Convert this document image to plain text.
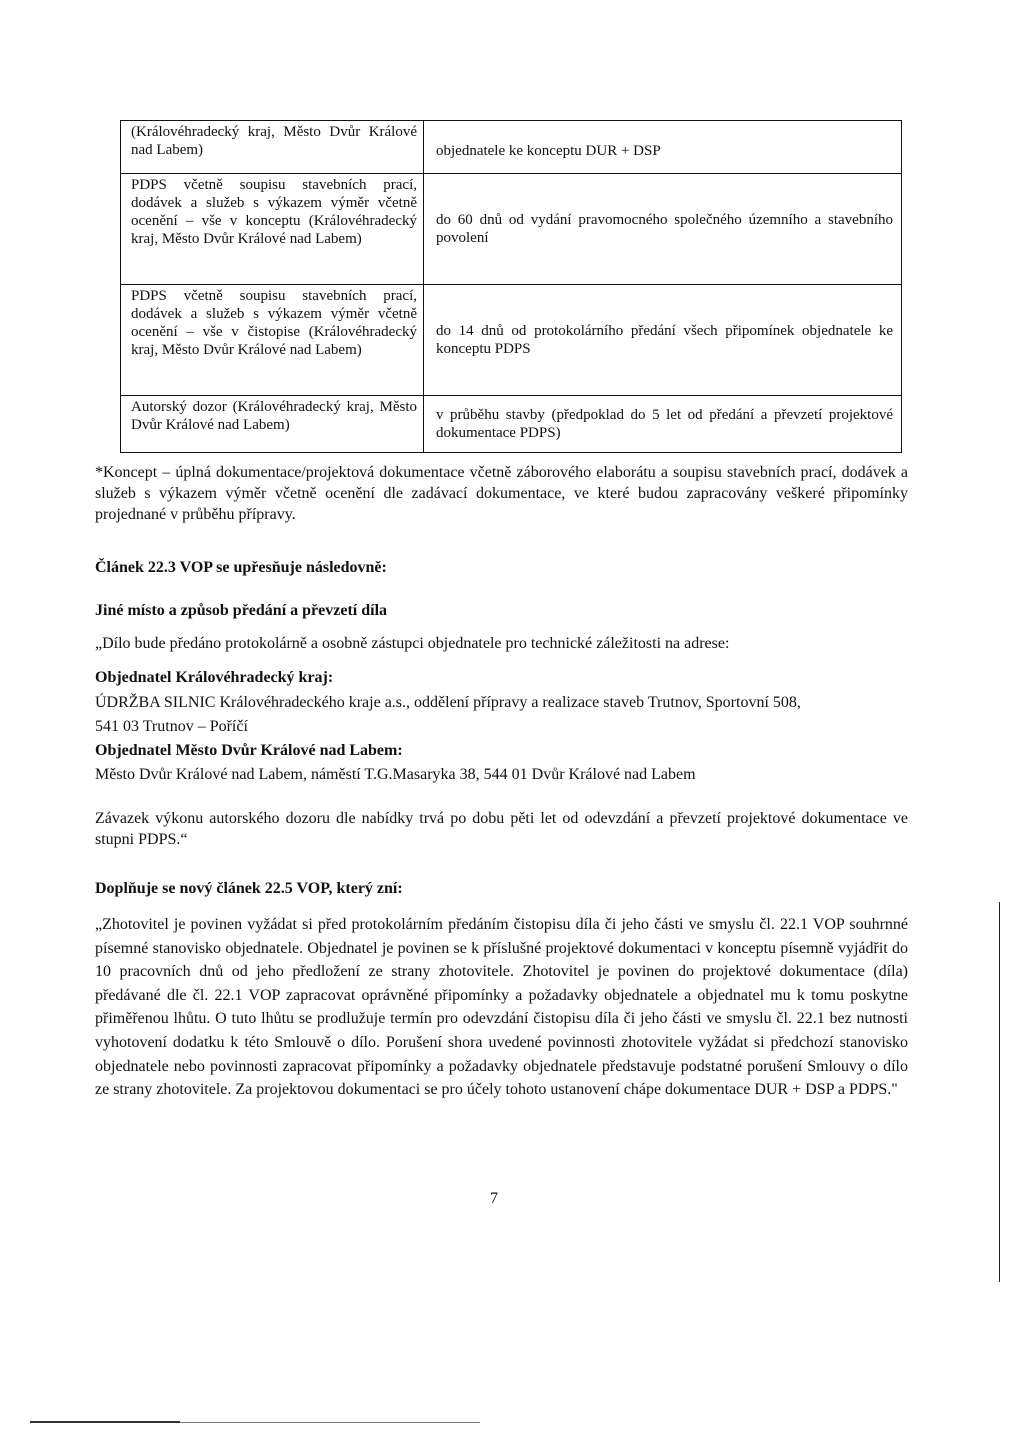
(Královéhradecký kraj, Město Dvůr Králové nad Labem)	objednatele ke konceptu DUR + DSP
PDPS včetně soupisu stavebních prací, dodávek a služeb s výkazem výměr včetně ocenění – vše v konceptu (Královéhradecký kraj, Město Dvůr Králové nad Labem)	do 60 dnů od vydání pravomocného společného územního a stavebního povolení
PDPS včetně soupisu stavebních prací, dodávek a služeb s výkazem výměr včetně ocenění – vše v čistopise (Královéhradecký kraj, Město Dvůr Králové nad Labem)	do 14 dnů od protokolárního předání všech připomínek objednatele ke konceptu PDPS
Autorský dozor (Královéhradecký kraj, Město Dvůr Králové nad Labem)	v průběhu stavby (předpoklad do 5 let od předání a převzetí projektové dokumentace PDPS)
*Koncept – úplná dokumentace/projektová dokumentace včetně záborového elaborátu a soupisu stavebních prací, dodávek a služeb s výkazem výměr včetně ocenění dle zadávací dokumentace, ve které budou zapracovány veškeré připomínky projednané v průběhu přípravy.
Článek 22.3 VOP se upřesňuje následovně:
Jiné místo a způsob předání a převzetí díla
„Dílo bude předáno protokolárně a osobně zástupci objednatele pro technické záležitosti na adrese:
Objednatel Královéhradecký kraj:
ÚDRŽBA SILNIC Královéhradeckého kraje a.s., oddělení přípravy a realizace staveb Trutnov, Sportovní 508,
541 03 Trutnov – Poříčí
Objednatel Město Dvůr Králové nad Labem:
Město Dvůr Králové nad Labem, náměstí T.G.Masaryka 38, 544 01 Dvůr Králové nad Labem
Závazek výkonu autorského dozoru dle nabídky trvá po dobu pěti let od odevzdání a převzetí projektové dokumentace ve stupni PDPS.“
Doplňuje se nový článek 22.5 VOP, který zní:
„Zhotovitel je povinen vyžádat si před protokolárním předáním čistopisu díla či jeho části ve smyslu čl. 22.1 VOP souhrnné písemné stanovisko objednatele. Objednatel je povinen se k příslušné projektové dokumentaci v konceptu písemně vyjádřit do 10 pracovních dnů od jeho předložení ze strany zhotovitele. Zhotovitel je povinen do projektové dokumentace (díla) předávané dle čl. 22.1 VOP zapracovat oprávněné připomínky a požadavky objednatele a objednatel mu k tomu poskytne přiměřenou lhůtu. O tuto lhůtu se prodlužuje termín pro odevzdání čistopisu díla či jeho části ve smyslu čl. 22.1 bez nutnosti vyhotovení dodatku k této Smlouvě o dílo. Porušení shora uvedené povinnosti zhotovitele vyžádat si předchozí stanovisko objednatele nebo povinnosti zapracovat připomínky a požadavky objednatele představuje podstatné porušení Smlouvy o dílo ze strany zhotovitele. Za projektovou dokumentaci se pro účely tohoto ustanovení chápe dokumentace DUR + DSP a PDPS."
7
